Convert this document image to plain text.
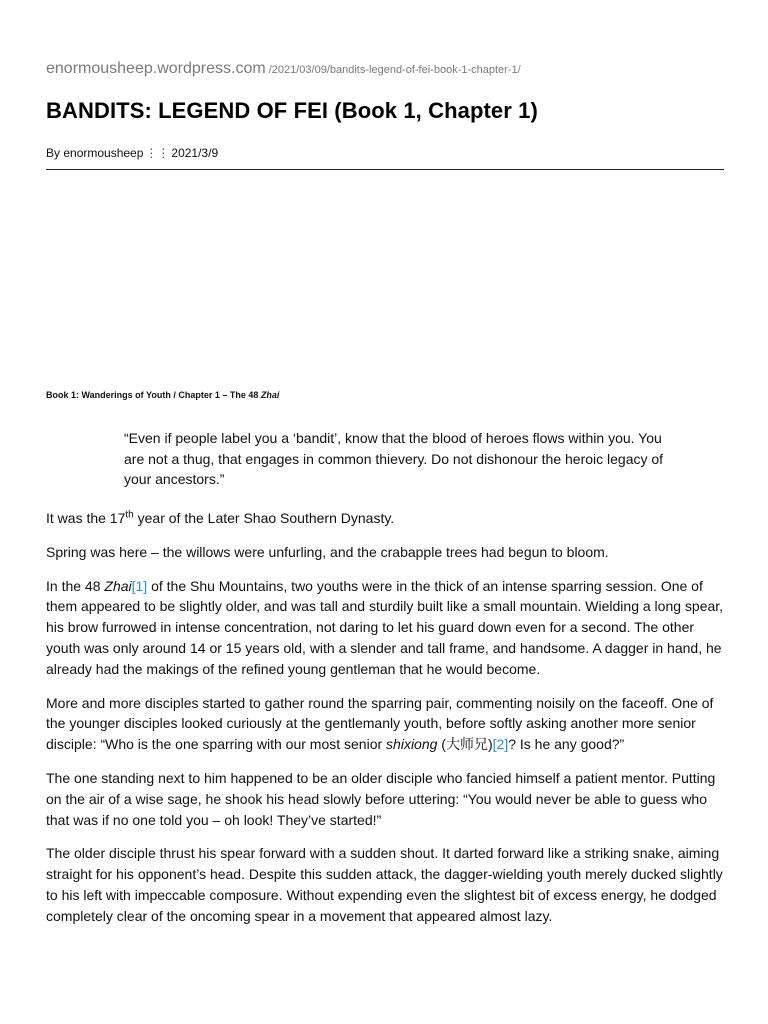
enormousheep.wordpress.com /2021/03/09/bandits-legend-of-fei-book-1-chapter-1/
BANDITS: LEGEND OF FEI (Book 1, Chapter 1)
By enormousheep ⋮⋮ 2021/3/9
Book 1: Wanderings of Youth / Chapter 1 – The 48 Zhai
“Even if people label you a ‘bandit’, know that the blood of heroes flows within you. You are not a thug, that engages in common thievery. Do not dishonour the heroic legacy of your ancestors.”

It was the 17th year of the Later Shao Southern Dynasty.

Spring was here – the willows were unfurling, and the crabapple trees had begun to bloom.

In the 48 Zhai[1] of the Shu Mountains, two youths were in the thick of an intense sparring session. One of them appeared to be slightly older, and was tall and sturdily built like a small mountain. Wielding a long spear, his brow furrowed in intense concentration, not daring to let his guard down even for a second. The other youth was only around 14 or 15 years old, with a slender and tall frame, and handsome. A dagger in hand, he already had the makings of the refined young gentleman that he would become.

More and more disciples started to gather round the sparring pair, commenting noisily on the faceoff. One of the younger disciples looked curiously at the gentlemanly youth, before softly asking another more senior disciple: “Who is the one sparring with our most senior shixiong (大师兄)[2]? Is he any good?”

The one standing next to him happened to be an older disciple who fancied himself a patient mentor. Putting on the air of a wise sage, he shook his head slowly before uttering: “You would never be able to guess who that was if no one told you – oh look! They’ve started!”

The older disciple thrust his spear forward with a sudden shout. It darted forward like a striking snake, aiming straight for his opponent’s head. Despite this sudden attack, the dagger-wielding youth merely ducked slightly to his left with impeccable composure. Without expending even the slightest bit of excess energy, he dodged completely clear of the oncoming spear in a movement that appeared almost lazy.
